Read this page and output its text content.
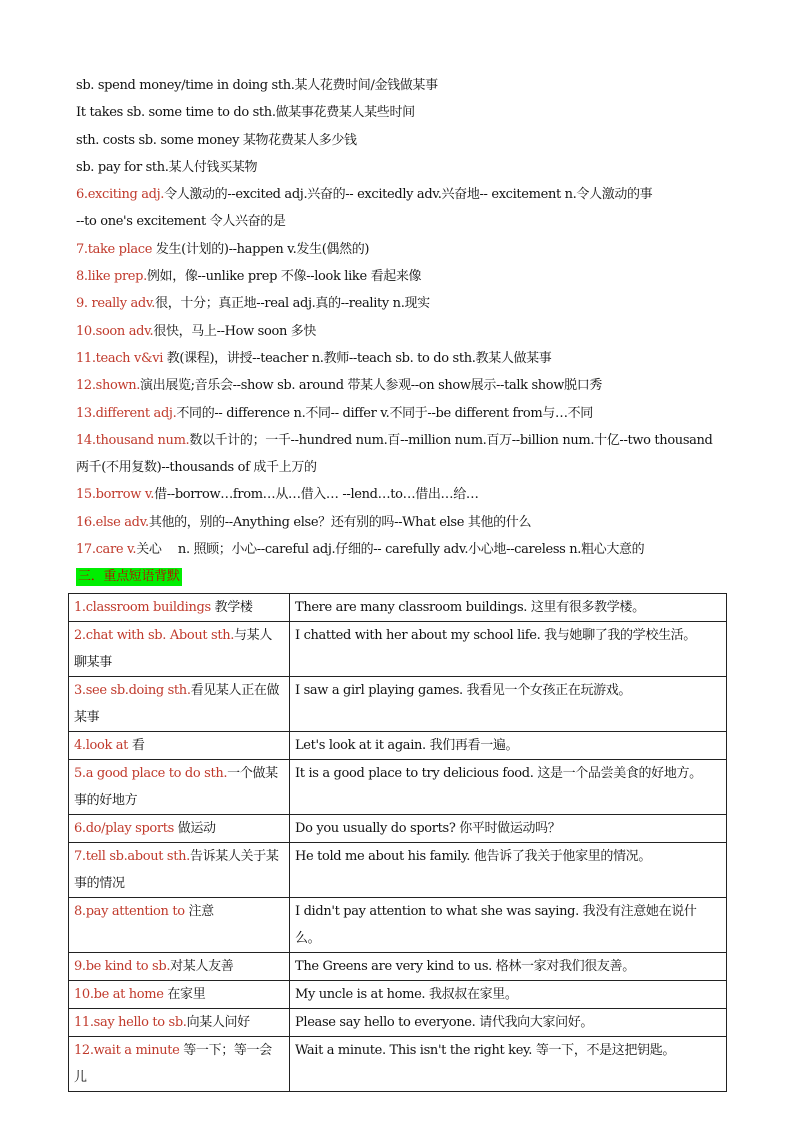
sb. spend money/time in doing sth.某人花费时间/金钱做某事
It takes sb. some time to do sth.做某事花费某人某些时间
sth. costs sb. some money 某物花费某人多少钱
sb. pay for sth.某人付钱买某物
6.exciting adj.令人激动的--excited adj.兴奋的-- excitedly adv.兴奋地-- excitement n.令人激动的事
--to one's excitement 令人兴奋的是
7.take place 发生(计划的)--happen v.发生(偶然的)
8.like prep.例如，像--unlike prep 不像--look like 看起来像
9. really adv.很，十分；真正地--real adj.真的--reality n.现实
10.soon adv.很快，马上--How soon 多快
11.teach v&vi 教(课程)，讲授--teacher n.教师--teach sb. to do sth.教某人做某事
12.shown.演出展览;音乐会--show sb. around 带某人参观--on show展示--talk show脱口秀
13.different adj.不同的-- difference n.不同-- differ v.不同于--be different from与…不同
14.thousand num.数以千计的；一千--hundred num.百--million num.百万--billion num.十亿--two thousand 两千(不用复数)--thousands of 成千上万的
15.borrow v.借--borrow…from…从…借入… --lend…to…借出…给…
16.else adv.其他的，别的--Anything else？还有别的吗--What else 其他的什么
17.care v.关心　 n. 照顾；小心--careful adj.仔细的-- carefully adv.小心地--careless n.粗心大意的
三．重点短语背默
1.classroom buildings 教学楼	There are many classroom buildings. 这里有很多教学楼。
2.chat with sb. About sth.与某人聊某事	I chatted with her about my school life. 我与她聊了我的学校生活。
3.see sb.doing sth.看见某人正在做某事	I saw a girl playing games. 我看见一个女孩正在玩游戏。
4.look at 看	Let's look at it again. 我们再看一遍。
5.a good place to do sth.一个做某事的好地方	It is a good place to try delicious food. 这是一个品尝美食的好地方。
6.do/play sports 做运动	Do you usually do sports? 你平时做运动吗？
7.tell sb.about sth.告诉某人关于某事的情况	He told me about his family. 他告诉了我关于他家里的情况。
8.pay attention to 注意	I didn't pay attention to what she was saying. 我没有注意她在说什么。
9.be kind to sb.对某人友善	The Greens are very kind to us. 格林一家对我们很友善。
10.be at home 在家里	My uncle is at home. 我叔叔在家里。
11.say hello to sb.向某人问好	Please say hello to everyone. 请代我向大家问好。
12.wait a minute 等一下；等一会儿	Wait a minute. This isn't the right key. 等一下，不是这把钥匙。
